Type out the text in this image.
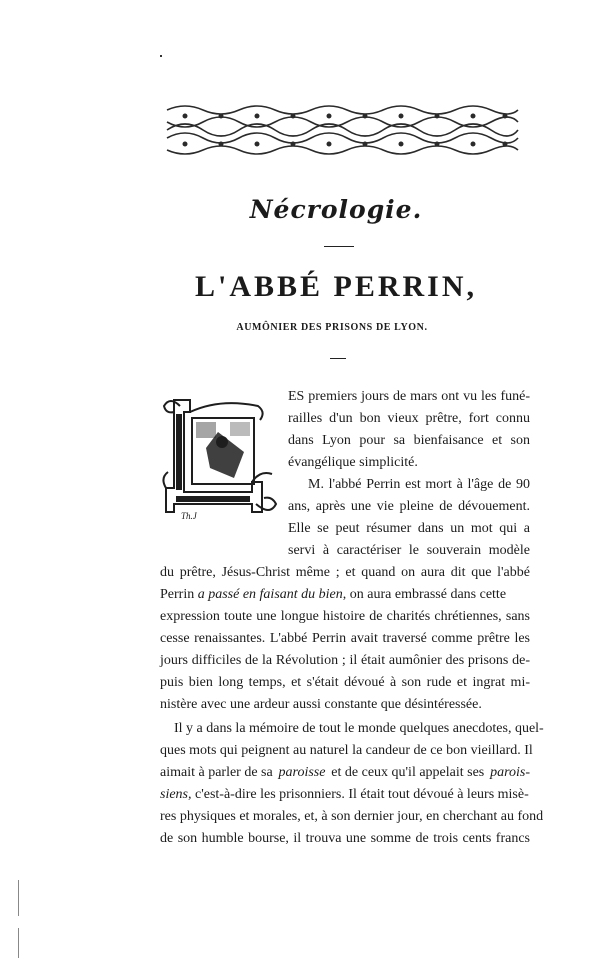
Nécrologie.
L'ABBÉ PERRIN,
AUMÔNIER DES PRISONS DE LYON.
Th.J
ES premiers jours de mars ont vu les funé-
railles d'un bon vieux prêtre, fort connu
dans Lyon pour sa bienfaisance et son
évangélique simplicité.
M. l'abbé Perrin est mort à l'âge de 90
ans, après une vie pleine de dévouement.
Elle se peut résumer dans un mot qui a
servi à caractériser le souverain modèle
du prêtre, Jésus-Christ même ; et quand on aura dit que l'abbé
Perrin a passé en faisant du bien, on aura embrassé dans cette
expression toute une longue histoire de charités chrétiennes, sans
cesse renaissantes. L'abbé Perrin avait traversé comme prêtre les
jours difficiles de la Révolution ; il était aumônier des prisons de-
puis bien long temps, et s'était dévoué à son rude et ingrat mi-
nistère avec une ardeur aussi constante que désintéressée.
Il y a dans la mémoire de tout le monde quelques anecdotes, quel-
ques mots qui peignent au naturel la candeur de ce bon vieillard. Il
aimait à parler de sa paroisse et de ceux qu'il appelait ses parois-
siens, c'est-à-dire les prisonniers. Il était tout dévoué à leurs misè-
res physiques et morales, et, à son dernier jour, en cherchant au fond
de son humble bourse, il trouva une somme de trois cents francs
